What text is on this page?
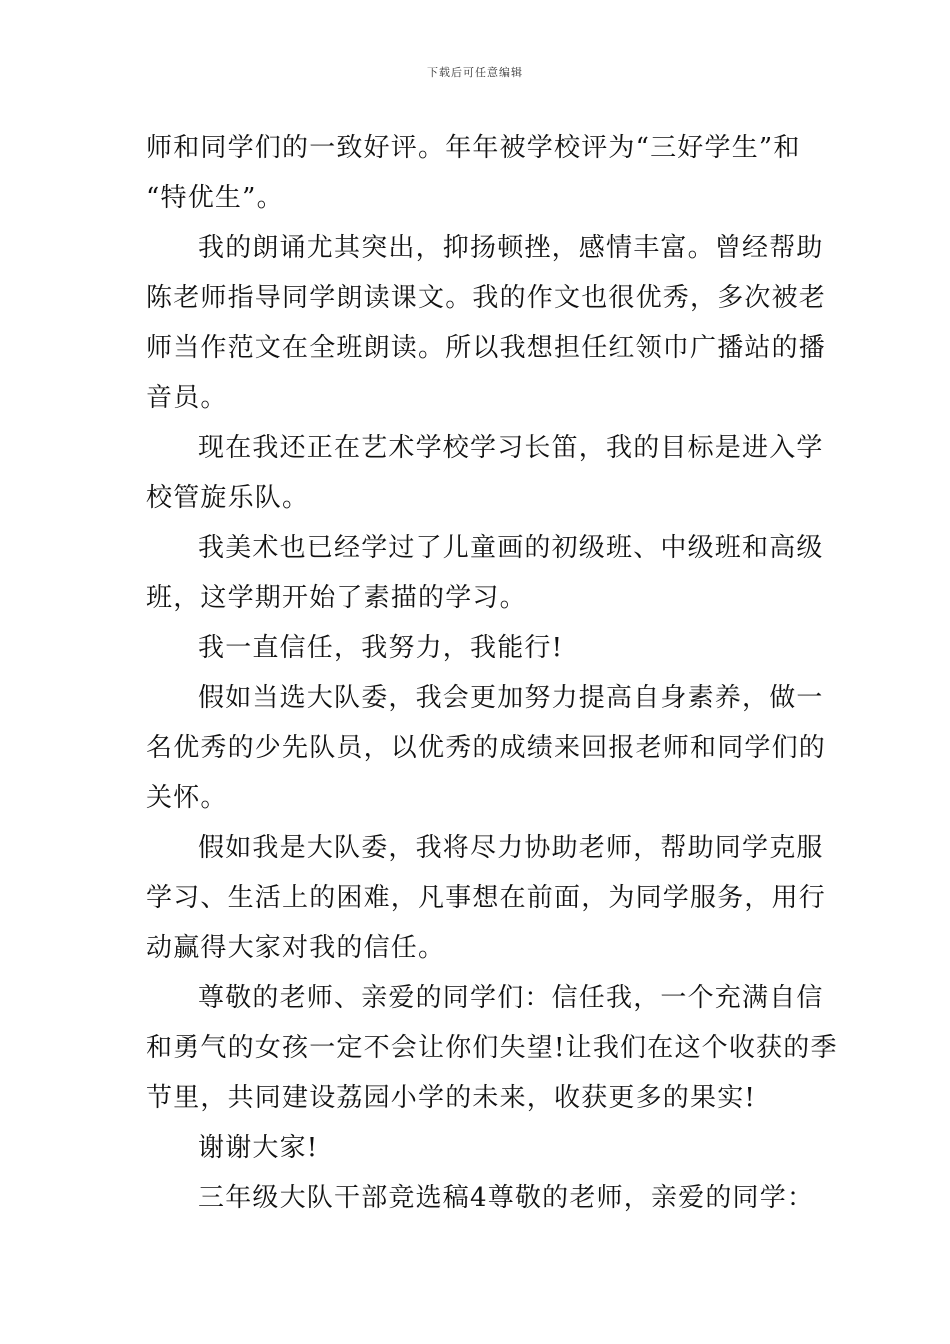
下载后可任意编辑
师和同学们的一致好评。年年被学校评为“三好学生”和
“特优生”。
我的朗诵尤其突出，抑扬顿挫，感情丰富。曾经帮助
陈老师指导同学朗读课文。我的作文也很优秀，多次被老
师当作范文在全班朗读。所以我想担任红领巾广播站的播
音员。
现在我还正在艺术学校学习长笛，我的目标是进入学
校管旋乐队。
我美术也已经学过了儿童画的初级班、中级班和高级
班，这学期开始了素描的学习。
我一直信任，我努力，我能行!
假如当选大队委，我会更加努力提高自身素养，做一
名优秀的少先队员，以优秀的成绩来回报老师和同学们的
关怀。
假如我是大队委，我将尽力协助老师，帮助同学克服
学习、生活上的困难，凡事想在前面，为同学服务，用行
动赢得大家对我的信任。
尊敬的老师、亲爱的同学们：信任我，一个充满自信
和勇气的女孩一定不会让你们失望!让我们在这个收获的季
节里，共同建设荔园小学的未来，收获更多的果实!
谢谢大家!
三年级大队干部竞选稿4尊敬的老师，亲爱的同学：
